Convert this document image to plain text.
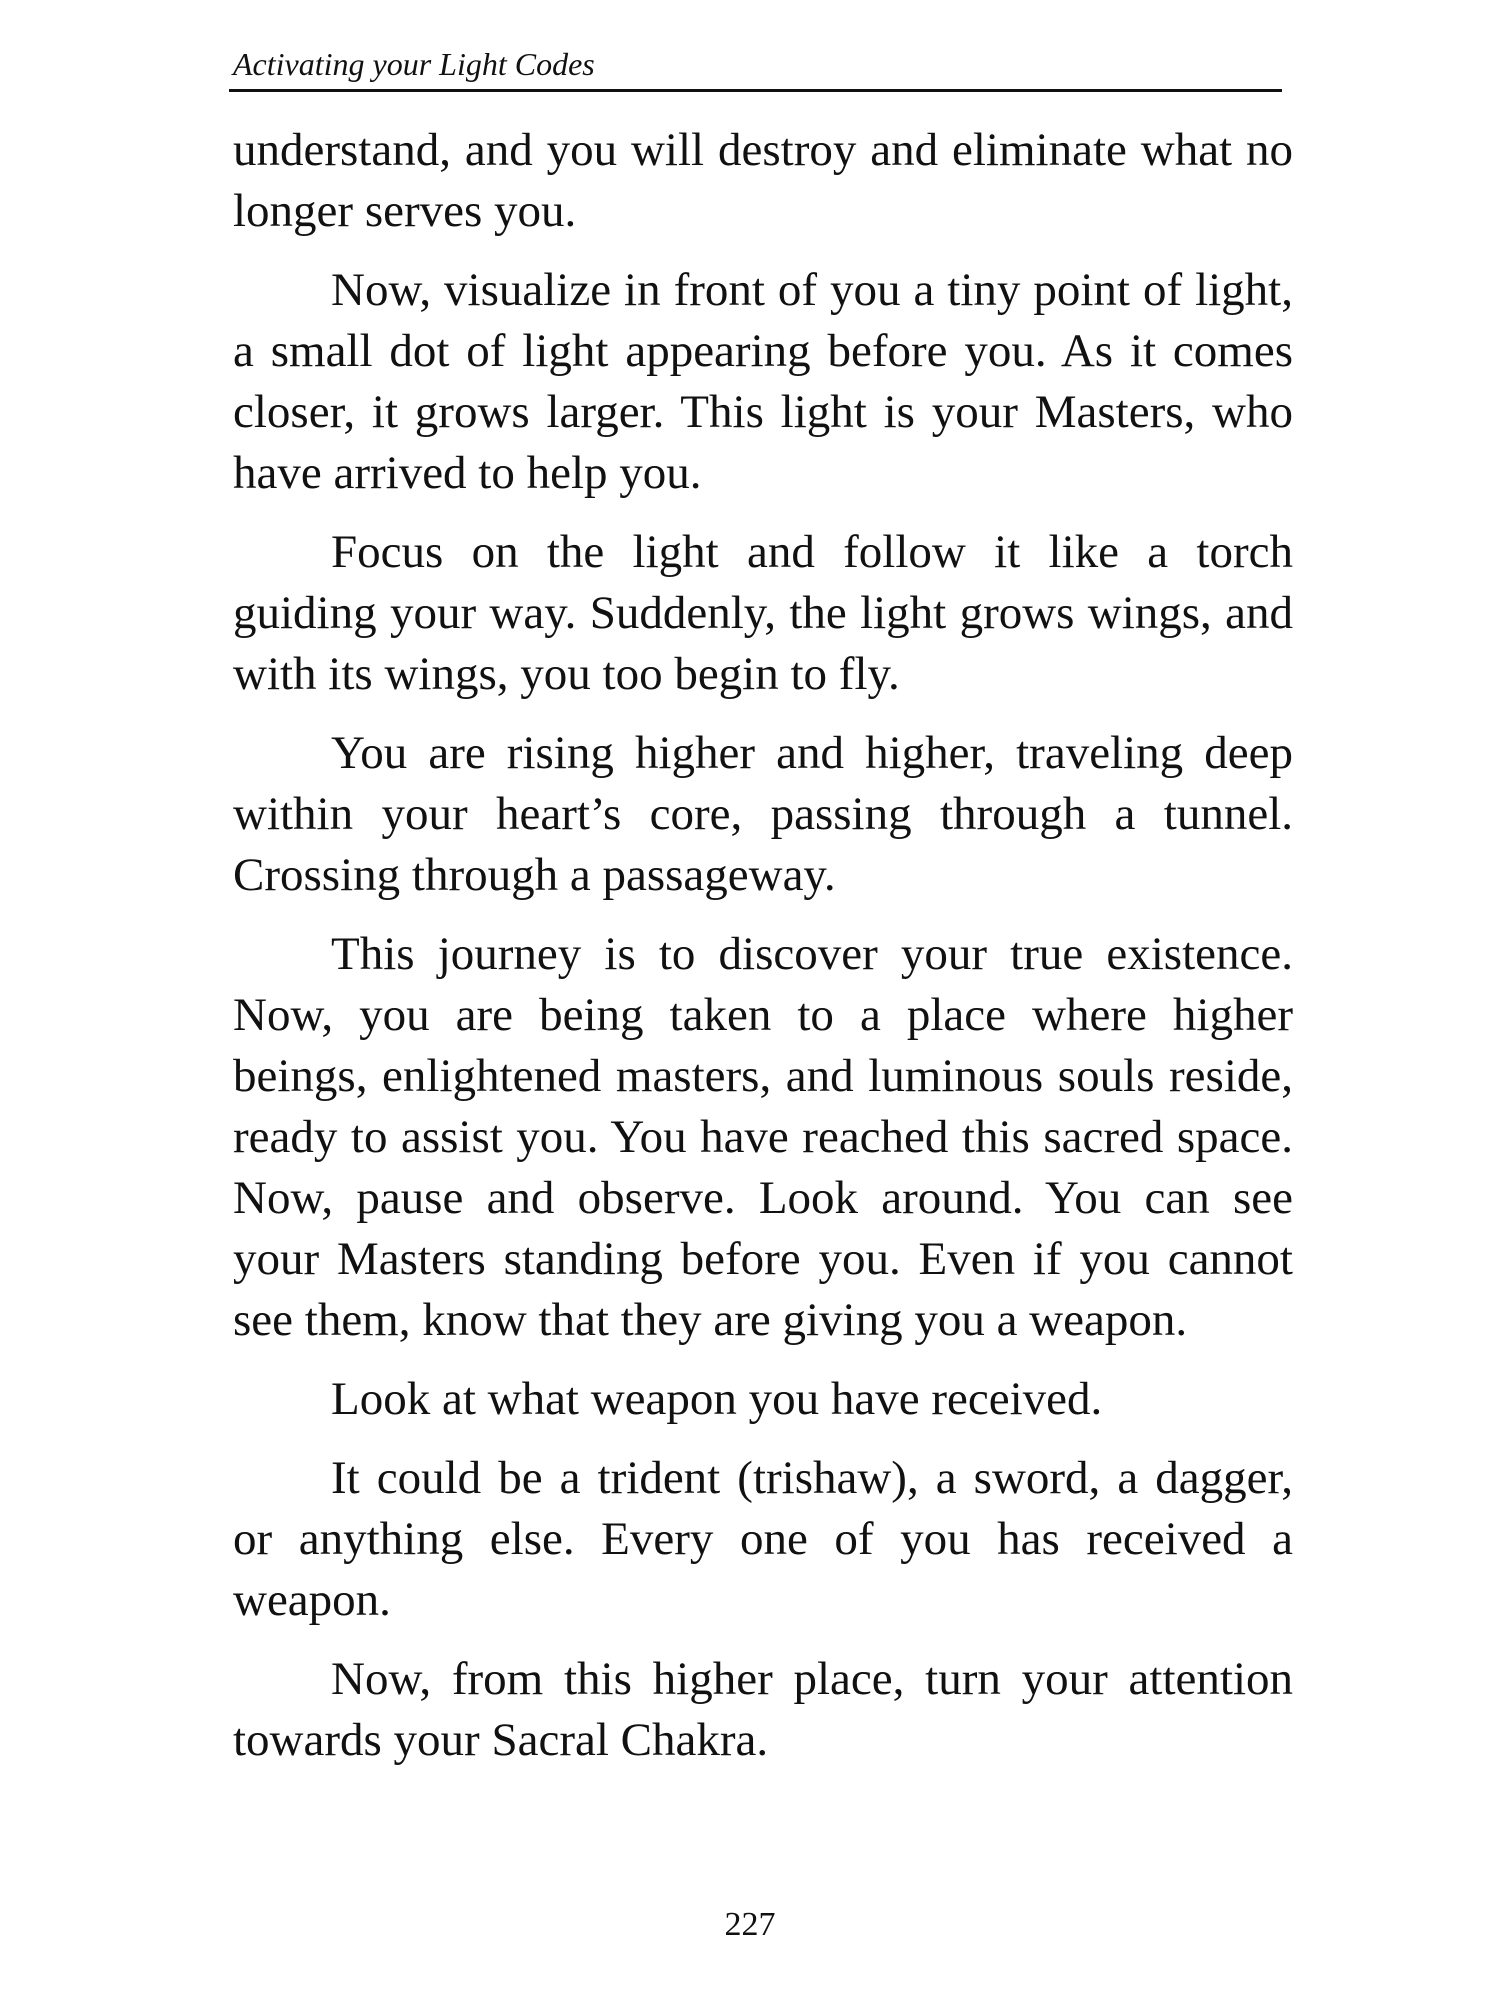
Activating your Light Codes

understand, and you will destroy and eliminate what no longer serves you.

Now, visualize in front of you a tiny point of light, a small dot of light appearing before you. As it comes closer, it grows larger. This light is your Masters, who have arrived to help you.

Focus on the light and follow it like a torch guiding your way. Suddenly, the light grows wings, and with its wings, you too begin to fly.

You are rising higher and higher, traveling deep within your heart’s core, passing through a tunnel. Crossing through a passageway.

This journey is to discover your true existence. Now, you are being taken to a place where higher beings, enlightened masters, and luminous souls reside, ready to assist you. You have reached this sacred space. Now, pause and observe. Look around. You can see your Masters standing before you. Even if you cannot see them, know that they are giving you a weapon.

Look at what weapon you have received.

It could be a trident (trishaw), a sword, a dagger, or anything else. Every one of you has received a weapon.

Now, from this higher place, turn your attention towards your Sacral Chakra.

227
